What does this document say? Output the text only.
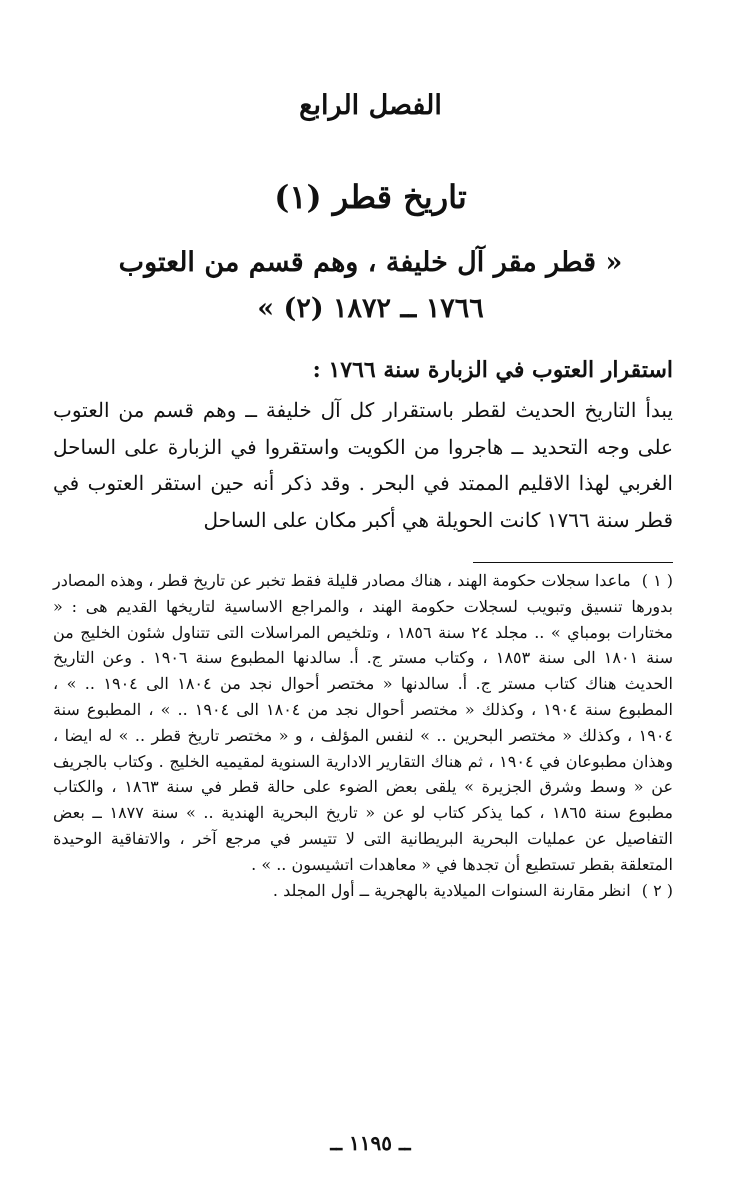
الفصل الرابع
تاريخ قطر (١)
« قطر مقر آل خليفة ، وهم قسم من العتوب
١٧٦٦ ــ ١٨٧٢ (٢) »
استقرار العتوب في الزبارة سنة ١٧٦٦ :

يبدأ التاريخ الحديث لقطر باستقرار كل آل خليفة ــ وهم قسم من العتوب على وجه التحديد ــ هاجروا من الكويت واستقروا في الزبارة على الساحل الغربي لهذا الاقليم الممتد في البحر . وقد ذكر أنه حين استقر العتوب في قطر سنة ١٧٦٦ كانت الحويلة هي أكبر مكان على الساحل

( ١ ) ماعدا سجلات حكومة الهند ، هناك مصادر قليلة فقط تخبر عن تاريخ قطر ، وهذه المصادر بدورها تنسيق وتبويب لسجلات حكومة الهند ، والمراجع الاساسية لتاريخها القديم هى : « مختارات بومباي » .. مجلد ٢٤ سنة ١٨٥٦ ، وتلخيص المراسلات التى تتناول شئون الخليج من سنة ١٨٠١ الى سنة ١٨٥٣ ، وكتاب مستر ج. أ. سالدنها المطبوع سنة ١٩٠٦ . وعن التاريخ الحديث هناك كتاب مستر ج. أ. سالدنها « مختصر أحوال نجد من ١٨٠٤ الى ١٩٠٤ .. » ، المطبوع سنة ١٩٠٤ ، وكذلك « مختصر أحوال نجد من ١٨٠٤ الى ١٩٠٤ .. » ، المطبوع سنة ١٩٠٤ ، وكذلك « مختصر البحرين .. » لنفس المؤلف ، و « مختصر تاريخ قطر .. » له ايضا ، وهذان مطبوعان في ١٩٠٤ ، ثم هناك التقارير الادارية السنوية لمقيميه الخليج . وكتاب بالجريف عن « وسط وشرق الجزيرة » يلقى بعض الضوء على حالة قطر في سنة ١٨٦٣ ، والكتاب مطبوع سنة ١٨٦٥ ، كما يذكر كتاب لو عن « تاريخ البحرية الهندية .. » سنة ١٨٧٧ ــ بعض التفاصيل عن عمليات البحرية البريطانية التى لا تتيسر في مرجع آخر ، والاتفاقية الوحيدة المتعلقة بقطر تستطيع أن تجدها في « معاهدات اتشيسون .. » .
( ٢ ) انظر مقارنة السنوات الميلادية بالهجرية ــ أول المجلد .
ــ ١١٩٥ ــ
